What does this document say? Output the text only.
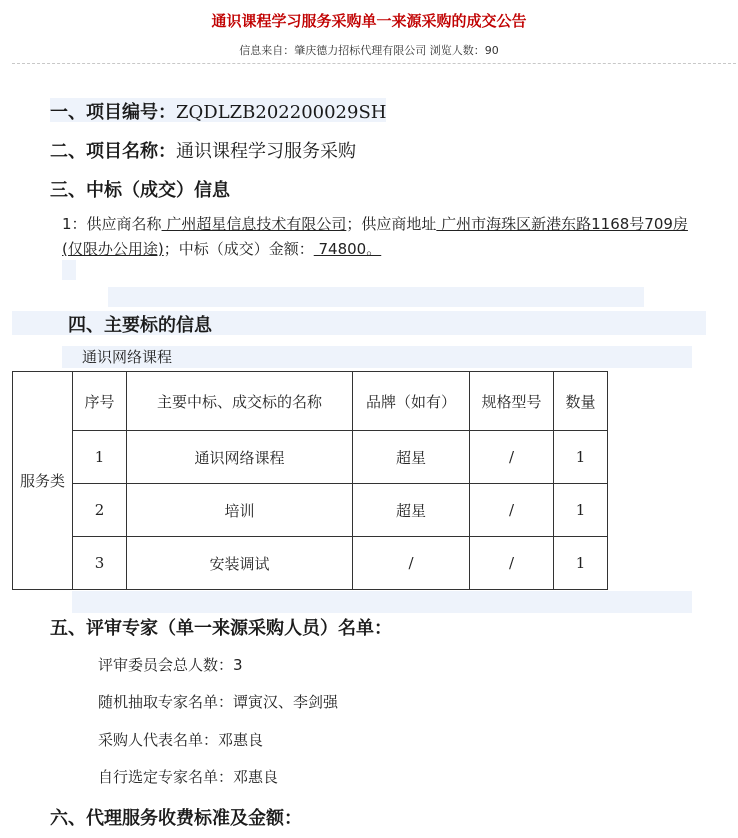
通识课程学习服务采购单一来源采购的成交公告
信息来自：肇庆德力招标代理有限公司 浏览人数：90
一、项目编号：ZQDLZB202200029SH
二、项目名称：通识课程学习服务采购
三、中标（成交）信息
1：供应商名称 广州超星信息技术有限公司；供应商地址 广州市海珠区新港东路1168号709房(仅限办公用途)；中标（成交）金额： 74800。
四、主要标的信息
通识网络课程
服务类	序号	主要中标、成交标的名称	品牌（如有）	规格型号	数量
	1	通识网络课程	超星	/	1
	2	培训	超星	/	1
	3	安装调试	/	/	1
五、评审专家（单一来源采购人员）名单：
评审委员会总人数：3
随机抽取专家名单：谭寅汉、李剑强
采购人代表名单：邓惠良
自行选定专家名单：邓惠良
六、代理服务收费标准及金额：
